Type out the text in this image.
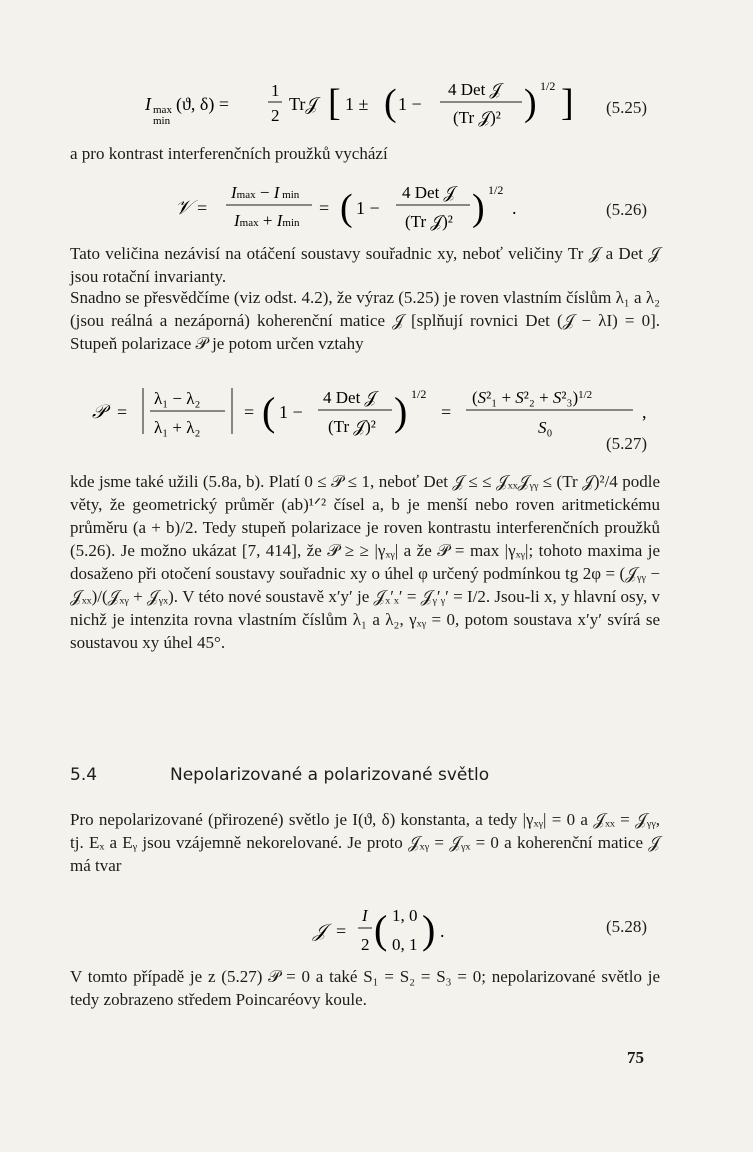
I max
min
(ϑ, δ) =
1
2
Tr𝒥 [ 1 ± ( 1 −
4 Det 𝒥
(Tr 𝒥)² ) 1/2 ] (5.25)
a pro kontrast interferenčních proužků vychází
𝒱 =
Imax − I min
Imax + Imin
= ( 1 −
4 Det 𝒥
(Tr 𝒥)² ) 1/2
.	(5.26)
Tato veličina nezávisí na otáčení soustavy souřadnic xy, neboť veličiny Tr 𝒥 a Det 𝒥 jsou rotační invarianty.
Snadno se přesvědčíme (viz odst. 4.2), že výraz (5.25) je roven vlastním číslům λ₁ a λ₂ (jsou reálná a nezáporná) koherenční matice 𝒥 [splňují rovnici Det (𝒥 − λI) = 0]. Stupeň polarizace 𝒫 je potom určen vztahy
𝒫 =
λ₁ − λ₂
λ₁ + λ₂
= ( 1 −
4 Det 𝒥
(Tr 𝒥)² ) 1/2
=
$(S^2_1 + S^2_2 + S^2_3)^{1/2}$
S₀
,
(5.27)
kde jsme také užili (5.8a, b). Platí 0 ≤ 𝒫 ≤ 1, neboť Det 𝒥 ≤ ≤ 𝒥ₓₓ𝒥ᵧᵧ ≤ (Tr 𝒥)²/4 podle věty, že geometrický průměr (ab)¹ᐟ² čísel a, b je menší nebo roven aritmetickému průměru (a + b)/2. Tedy stupeň polarizace je roven kontrastu interferenčních proužků (5.26). Je možno ukázat [7, 414], že 𝒫 ≥ ≥ |γₓᵧ| a že 𝒫 = max |γₓᵧ|; tohoto maxima je dosaženo při otočení soustavy souřadnic xy o úhel φ určený podmínkou tg 2φ = (𝒥ᵧᵧ − 𝒥ₓₓ)/(𝒥ₓᵧ + 𝒥ᵧₓ). V této nové soustavě x′y′ je 𝒥ₓ′ₓ′ = 𝒥ᵧ′ᵧ′ = I/2. Jsou-li x, y hlavní osy, v nichž je intenzita rovna vlastním číslům λ₁ a λ₂, γₓᵧ = 0, potom soustava x′y′ svírá se soustavou xy úhel 45°.
5.4	Nepolarizované a polarizované světlo
Pro nepolarizované (přirozené) světlo je I(ϑ, δ) konstanta, a tedy |γₓᵧ| = 0 a 𝒥ₓₓ = 𝒥ᵧᵧ, tj. Eₓ a Eᵧ jsou vzájemně nekorelované. Je proto 𝒥ₓᵧ = 𝒥ᵧₓ = 0 a koherenční matice 𝒥 má tvar
𝒥 =
I
2 ( 1, 0
0, 1 ) .	(5.28)
V tomto případě je z (5.27) 𝒫 = 0 a také S₁ = S₂ = S₃ = 0; nepolarizované světlo je tedy zobrazeno středem Poincaréovy koule.
75
